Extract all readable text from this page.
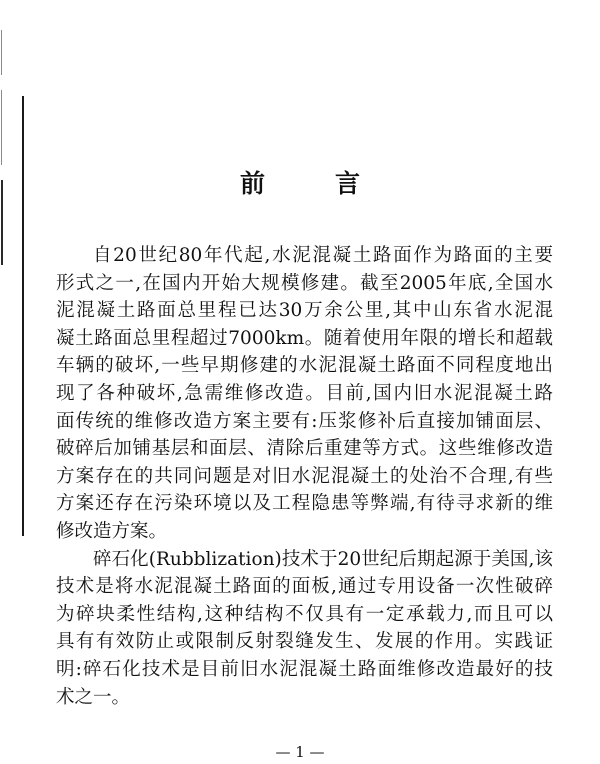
前	言
自20世纪80年代起,水泥混凝土路面作为路面的主要
形式之一,在国内开始大规模修建。截至2005年底,全国水
泥混凝土路面总里程已达30万余公里,其中山东省水泥混
凝土路面总里程超过7000km。随着使用年限的增长和超载
车辆的破坏,一些早期修建的水泥混凝土路面不同程度地出
现了各种破坏,急需维修改造。目前,国内旧水泥混凝土路
面传统的维修改造方案主要有:压浆修补后直接加铺面层、
破碎后加铺基层和面层、清除后重建等方式。这些维修改造
方案存在的共同问题是对旧水泥混凝土的处治不合理,有些
方案还存在污染环境以及工程隐患等弊端,有待寻求新的维
修改造方案。
碎石化(Rubblization)技术于20世纪后期起源于美国,该
技术是将水泥混凝土路面的面板,通过专用设备一次性破碎
为碎块柔性结构,这种结构不仅具有一定承载力,而且可以
具有有效防止或限制反射裂缝发生、发展的作用。实践证
明:碎石化技术是目前旧水泥混凝土路面维修改造最好的技
术之一。
— 1 —
